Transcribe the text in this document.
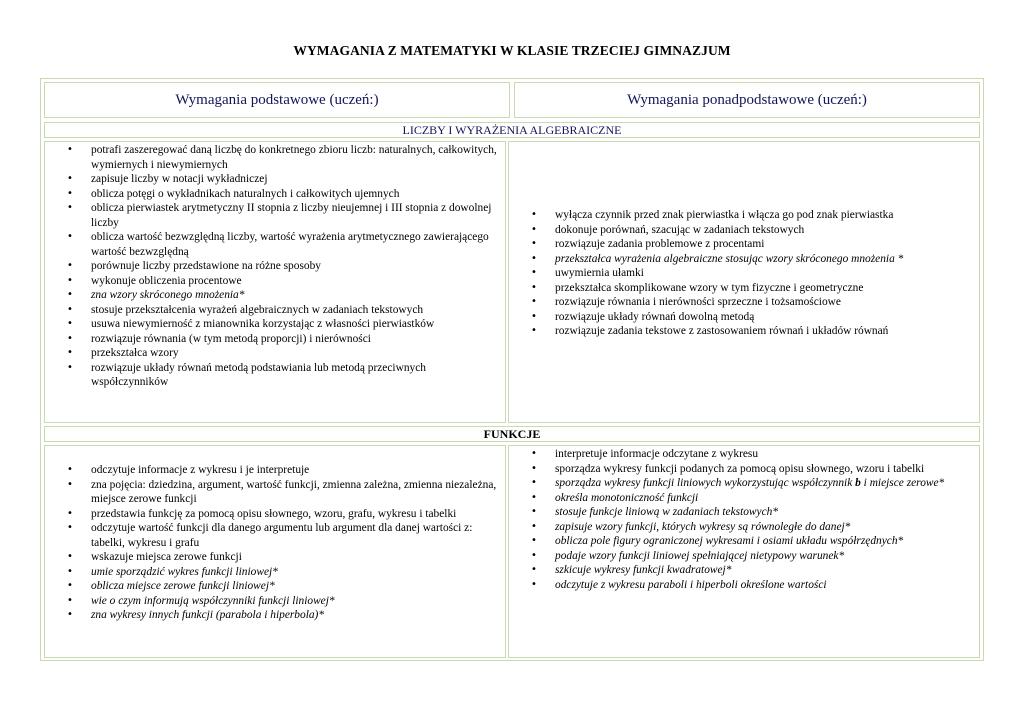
WYMAGANIA Z MATEMATYKI W KLASIE TRZECIEJ GIMNAZJUM
Wymagania podstawowe (uczeń:)	Wymagania ponadpodstawowe (uczeń:)
LICZBY I WYRAŻENIA ALGEBRAICZNE
• potrafi zaszeregować daną liczbę do konkretnego zbioru liczb: naturalnych, całkowitych, wymiernych i niewymiernych
• zapisuje liczby w notacji wykładniczej
• oblicza potęgi o wykładnikach naturalnych i całkowitych ujemnych
• oblicza pierwiastek arytmetyczny II stopnia z liczby nieujemnej i III stopnia z dowolnej liczby
• oblicza wartość bezwzględną liczby, wartość wyrażenia arytmetycznego zawierającego wartość bezwzględną
• porównuje liczby przedstawione na różne sposoby
• wykonuje obliczenia procentowe
• zna wzory skróconego mnożenia*
• stosuje przekształcenia wyrażeń algebraicznych w zadaniach tekstowych
• usuwa niewymierność z mianownika korzystając z własności pierwiastków
• rozwiązuje równania (w tym metodą proporcji) i nierówności
• przekształca wzory
• rozwiązuje układy równań metodą podstawiania lub metodą przeciwnych współczynników
• wyłącza czynnik przed znak pierwiastka i włącza go pod znak pierwiastka
• dokonuje porównań, szacując w zadaniach tekstowych
• rozwiązuje zadania problemowe z procentami
• przekształca wyrażenia algebraiczne stosując wzory skróconego mnożenia *
• uwymiernia ułamki
• przekształca skomplikowane wzory w tym fizyczne i geometryczne
• rozwiązuje równania i nierówności sprzeczne i tożsamościowe
• rozwiązuje układy równań dowolną metodą
• rozwiązuje zadania tekstowe z zastosowaniem równań i układów równań
FUNKCJE
• odczytuje informacje z wykresu i je interpretuje
• zna pojęcia: dziedzina, argument, wartość funkcji, zmienna zależna, zmienna niezależna, miejsce zerowe funkcji
• przedstawia funkcję za pomocą opisu słownego, wzoru, grafu, wykresu i tabelki
• odczytuje wartość funkcji dla danego argumentu lub argument dla danej wartości z: tabelki, wykresu i grafu
• wskazuje miejsca zerowe funkcji
• umie sporządzić wykres funkcji liniowej*
• oblicza miejsce zerowe funkcji liniowej*
• wie o czym informują współczynniki funkcji liniowej*
• zna wykresy innych funkcji (parabola i hiperbola)*
• interpretuje informacje odczytane z wykresu
• sporządza wykresy funkcji podanych za pomocą opisu słownego, wzoru i tabelki
• sporządza wykresy funkcji liniowych wykorzystując współczynnik b i miejsce zerowe*
• określa monotoniczność funkcji
• stosuje funkcje liniową w zadaniach tekstowych*
• zapisuje wzory funkcji, których wykresy są równoległe do danej*
• oblicza pole figury ograniczonej wykresami i osiami układu współrzędnych*
• podaje wzory funkcji liniowej spełniającej nietypowy warunek*
• szkicuje wykresy funkcji kwadratowej*
• odczytuje z wykresu paraboli i hiperboli określone wartości
